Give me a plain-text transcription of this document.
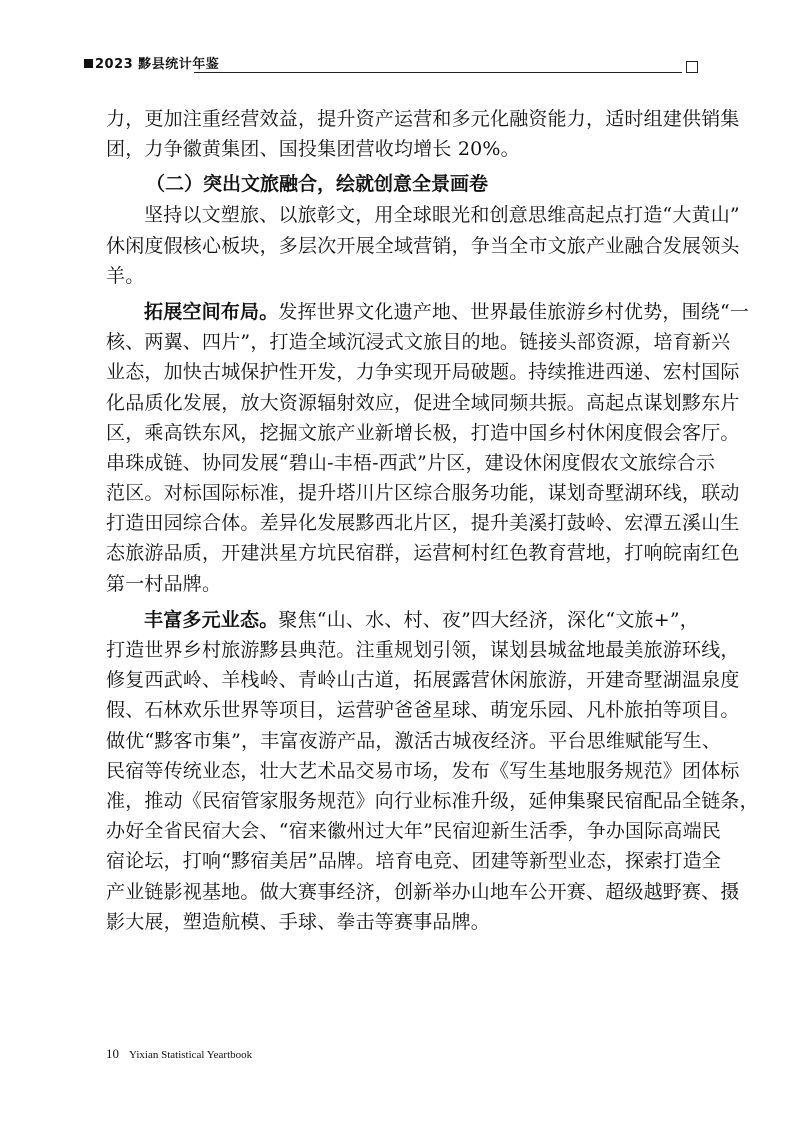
2023 黟县统计年鉴
力，更加注重经营效益，提升资产运营和多元化融资能力，适时组建供销集
团，力争徽黄集团、国投集团营收均增长 20%。
（二）突出文旅融合，绘就创意全景画卷
坚持以文塑旅、以旅彰文，用全球眼光和创意思维高起点打造“大黄山”
休闲度假核心板块，多层次开展全域营销，争当全市文旅产业融合发展领头
羊。
拓展空间布局。发挥世界文化遗产地、世界最佳旅游乡村优势，围绕“一
核、两翼、四片”，打造全域沉浸式文旅目的地。链接头部资源，培育新兴
业态，加快古城保护性开发，力争实现开局破题。持续推进西递、宏村国际
化品质化发展，放大资源辐射效应，促进全域同频共振。高起点谋划黟东片
区，乘高铁东风，挖掘文旅产业新增长极，打造中国乡村休闲度假会客厅。
串珠成链、协同发展“碧山-丰梧-西武”片区，建设休闲度假农文旅综合示
范区。对标国际标准，提升塔川片区综合服务功能，谋划奇墅湖环线，联动
打造田园综合体。差异化发展黟西北片区，提升美溪打鼓岭、宏潭五溪山生
态旅游品质，开建洪星方坑民宿群，运营柯村红色教育营地，打响皖南红色
第一村品牌。
丰富多元业态。聚焦“山、水、村、夜”四大经济，深化“文旅+”，
打造世界乡村旅游黟县典范。注重规划引领，谋划县城盆地最美旅游环线，
修复西武岭、羊栈岭、青岭山古道，拓展露营休闲旅游，开建奇墅湖温泉度
假、石林欢乐世界等项目，运营驴爸爸星球、萌宠乐园、凡朴旅拍等项目。
做优“黟客市集”，丰富夜游产品，激活古城夜经济。平台思维赋能写生、
民宿等传统业态，壮大艺术品交易市场，发布《写生基地服务规范》团体标
准，推动《民宿管家服务规范》向行业标准升级，延伸集聚民宿配品全链条，
办好全省民宿大会、“宿来徽州过大年”民宿迎新生活季，争办国际高端民
宿论坛，打响“黟宿美居”品牌。培育电竞、团建等新型业态，探索打造全
产业链影视基地。做大赛事经济，创新举办山地车公开赛、超级越野赛、摄
影大展，塑造航模、手球、拳击等赛事品牌。
10 Yixian Statistical Yeartbook
